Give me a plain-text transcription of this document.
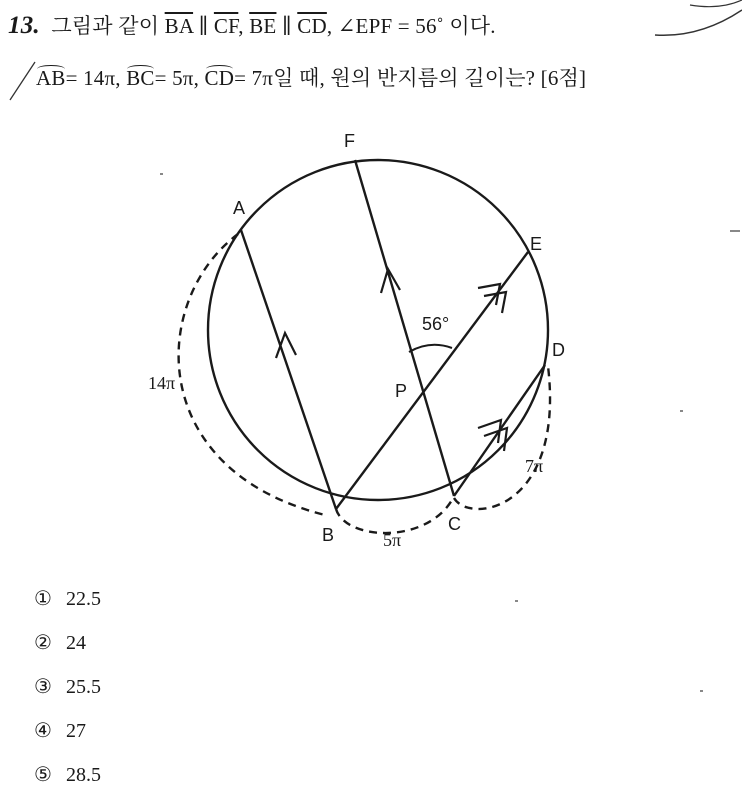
13. 그림과 같이 $\overline{BA}$ ∥ $\overline{CF}$, $\overline{BE}$ ∥ $\overline{CD}$, ∠EPF = 56˚ 이다.
AB= 14π, BC= 5π, CD= 7π일 때, 원의 반지름의 길이는? [6점]
A
B
C
D
E
F
P
56°
14π
5π
7π
① 22.5
② 24
③ 25.5
④ 27
⑤ 28.5
